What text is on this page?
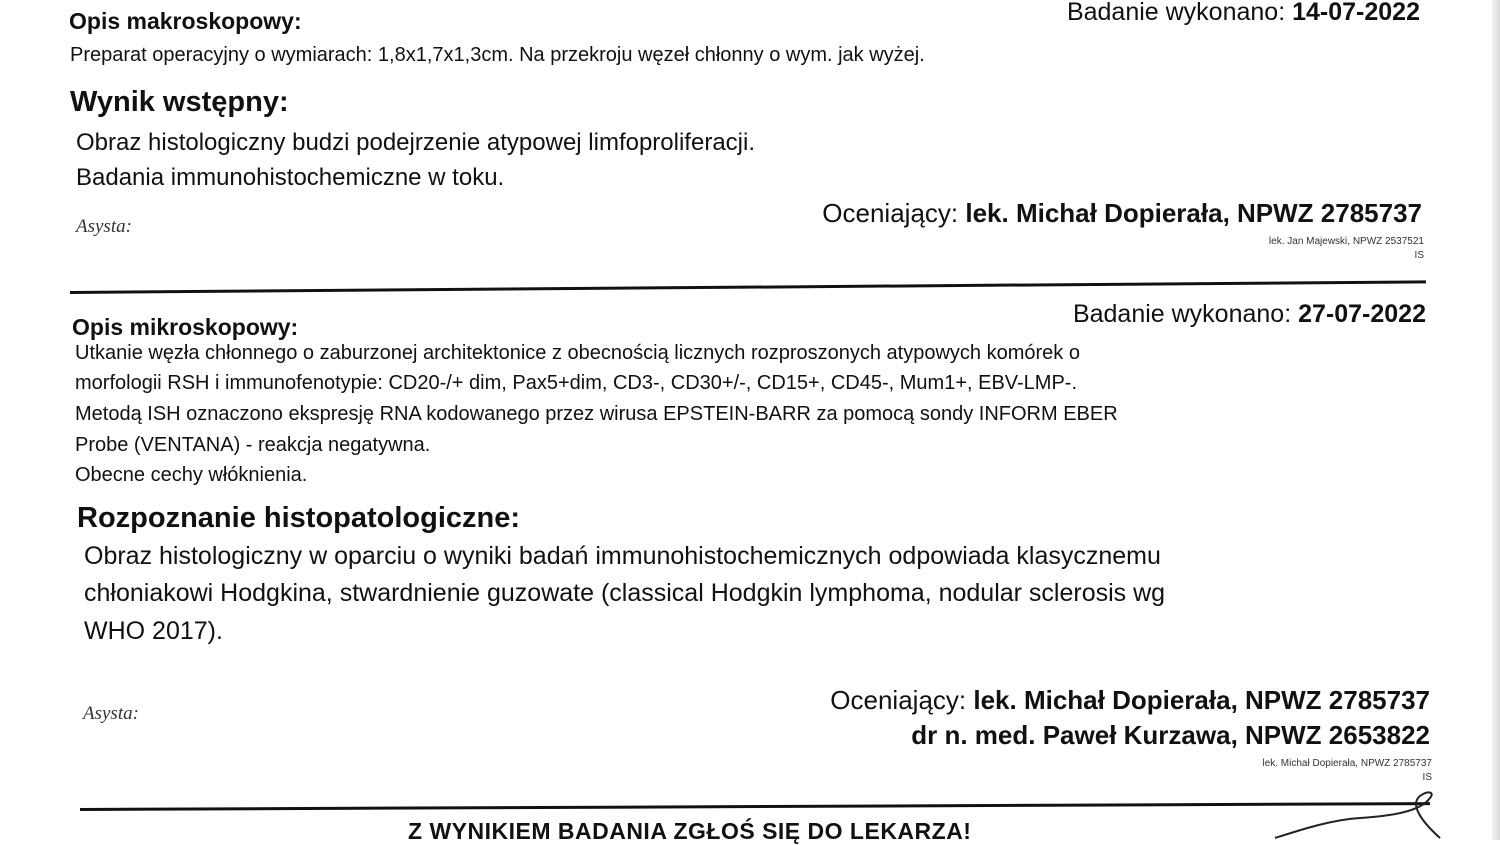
Opis makroskopowy:	Badanie wykonano: 14-07-2022
Preparat operacyjny o wymiarach: 1,8x1,7x1,3cm. Na przekroju węzeł chłonny o wym. jak wyżej.
Wynik wstępny:
Obraz histologiczny budzi podejrzenie atypowej limfoproliferacji.
Badania immunohistochemiczne w toku.
Asysta:	Oceniający: lek. Michał Dopierała, NPWZ 2785737
lek. Jan Majewski, NPWZ 2537521
IS
Opis mikroskopowy:	Badanie wykonano: 27-07-2022
Utkanie węzła chłonnego o zaburzonej architektonice z obecnością licznych rozproszonych atypowych komórek o
morfologii RSH i immunofenotypie: CD20-/+ dim, Pax5+dim, CD3-, CD30+/-, CD15+, CD45-, Mum1+, EBV-LMP-.
Metodą ISH oznaczono ekspresję RNA kodowanego przez wirusa EPSTEIN-BARR za pomocą sondy INFORM EBER
Probe (VENTANA) - reakcja negatywna.
Obecne cechy włóknienia.
Rozpoznanie histopatologiczne:
Obraz histologiczny w oparciu o wyniki badań immunohistochemicznych odpowiada klasycznemu
chłoniakowi Hodgkina, stwardnienie guzowate (classical Hodgkin lymphoma, nodular sclerosis wg
WHO 2017).
Asysta:	Oceniający: lek. Michał Dopierała, NPWZ 2785737
dr n. med. Paweł Kurzawa, NPWZ 2653822
lek. Michał Dopierała, NPWZ 2785737
IS
Z WYNIKIEM BADANIA ZGŁOŚ SIĘ DO LEKARZA!
